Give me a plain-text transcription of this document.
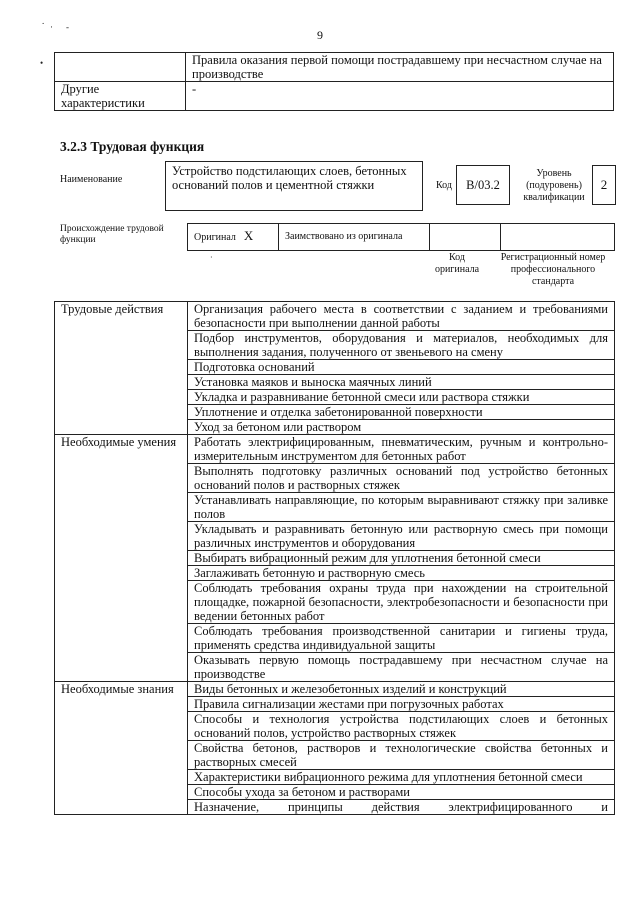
9
.
· -
•
		Правила оказания первой помощи пострадавшему при несчастном случае на производстве
Другие характеристики	-
3.2.3 Трудовая функция
Наименование
Устройство подстилающих слоев, бетонных оснований полов и цементной стяжки	Код	B/03.2
Уровень (подуровень) квалификации
2
Происхождение трудовой функции	Оригинал X	Заимствовано из оригинала		
·	Код оригинала
Регистрационный номер профессионального стандарта
Трудовые действия	Организация рабочего места в соответствии с заданием и требованиями безопасности при выполнении данной работы
	Подбор инструментов, оборудования и материалов, необходимых для выполнения задания, полученного от звеньевого на смену
	Подготовка оснований
	Установка маяков и выноска маячных линий
	Укладка и разравнивание бетонной смеси или раствора стяжки
	Уплотнение и отделка забетонированной поверхности
	Уход за бетоном или раствором
Необходимые умения	Работать электрифицированным, пневматическим, ручным и контрольно-измерительным инструментом для бетонных работ
	Выполнять подготовку различных оснований под устройство бетонных оснований полов и растворных стяжек
	Устанавливать направляющие, по которым выравнивают стяжку при заливке полов
	Укладывать и разравнивать бетонную или растворную смесь при помощи различных инструментов и оборудования
	Выбирать вибрационный режим для уплотнения бетонной смеси
	Заглаживать бетонную и растворную смесь
	Соблюдать требования охраны труда при нахождении на строительной площадке, пожарной безопасности, электробезопасности и безопасности при ведении бетонных работ
	Соблюдать требования производственной санитарии и гигиены труда, применять средства индивидуальной защиты
	Оказывать первую помощь пострадавшему при несчастном случае на производстве
Необходимые знания	Виды бетонных и железобетонных изделий и конструкций
	Правила сигнализации жестами при погрузочных работах
	Способы и технология устройства подстилающих слоев и бетонных оснований полов, устройство растворных стяжек
	Свойства бетонов, растворов и технологические свойства бетонных и растворных смесей
	Характеристики вибрационного режима для уплотнения бетонной смеси
	Способы ухода за бетоном и растворами
	Назначение, принципы действия электрифицированного и
